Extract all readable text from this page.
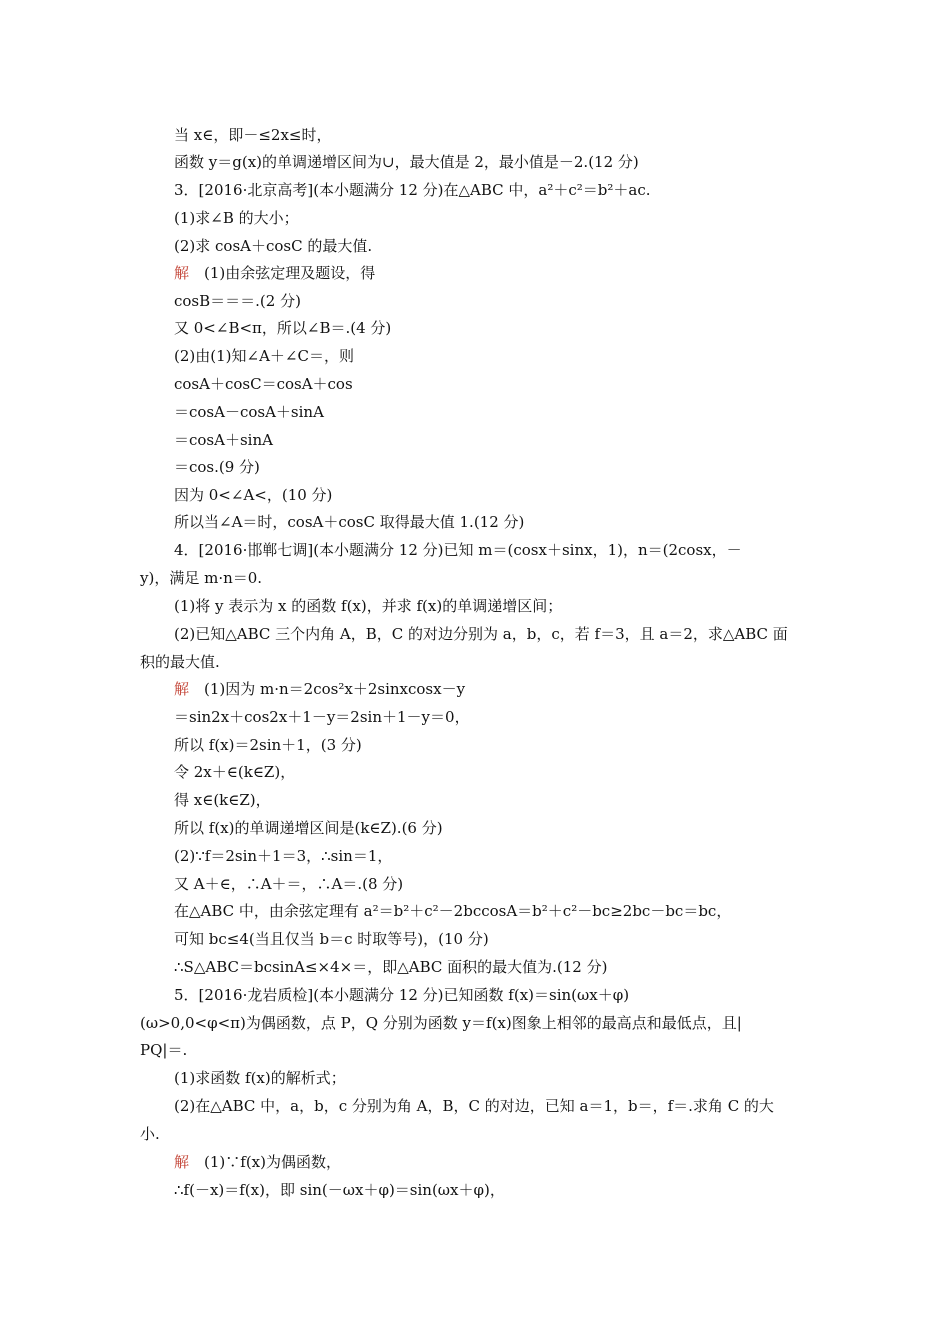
当 x∈，即－≤2x≤时，
函数 y＝g(x)的单调递增区间为∪，最大值是 2，最小值是－2.(12 分)
3．[2016·北京高考](本小题满分 12 分)在△ABC 中，a²＋c²＝b²＋ac.
(1)求∠B 的大小；
(2)求 cosA＋cosC 的最大值.
解　(1)由余弦定理及题设，得
cosB＝＝＝.(2 分)
又 0<∠B<π，所以∠B＝.(4 分)
(2)由(1)知∠A＋∠C＝，则
cosA＋cosC＝cosA＋cos
＝cosA－cosA＋sinA
＝cosA＋sinA
＝cos.(9 分)
因为 0<∠A<，(10 分)
所以当∠A＝时，cosA＋cosC 取得最大值 1.(12 分)
4．[2016·邯郸七调](本小题满分 12 分)已知 m＝(cosx＋sinx，1)，n＝(2cosx，－
y)，满足 m·n＝0.
(1)将 y 表示为 x 的函数 f(x)，并求 f(x)的单调递增区间；
(2)已知△ABC 三个内角 A，B，C 的对边分别为 a，b，c，若 f＝3，且 a＝2，求△ABC 面
积的最大值.
解　(1)因为 m·n＝2cos²x＋2sinxcosx－y
＝sin2x＋cos2x＋1－y＝2sin＋1－y＝0，
所以 f(x)＝2sin＋1，(3 分)
令 2x＋∈(k∈Z)，
得 x∈(k∈Z)，
所以 f(x)的单调递增区间是(k∈Z).(6 分)
(2)∵f＝2sin＋1＝3，∴sin＝1，
又 A＋∈，∴A＋＝，∴A＝.(8 分)
在△ABC 中，由余弦定理有 a²＝b²＋c²－2bccosA＝b²＋c²－bc≥2bc－bc＝bc，
可知 bc≤4(当且仅当 b＝c 时取等号)，(10 分)
∴S△ABC＝bcsinA≤×4×＝，即△ABC 面积的最大值为.(12 分)
5．[2016·龙岩质检](本小题满分 12 分)已知函数 f(x)＝sin(ωx＋φ)
(ω>0,0<φ<π)为偶函数，点 P，Q 分别为函数 y＝f(x)图象上相邻的最高点和最低点，且|
PQ|＝.
(1)求函数 f(x)的解析式；
(2)在△ABC 中，a，b，c 分别为角 A，B，C 的对边，已知 a＝1，b＝，f＝.求角 C 的大
小.
解　(1)∵f(x)为偶函数，
∴f(－x)＝f(x)，即 sin(－ωx＋φ)＝sin(ωx＋φ)，
